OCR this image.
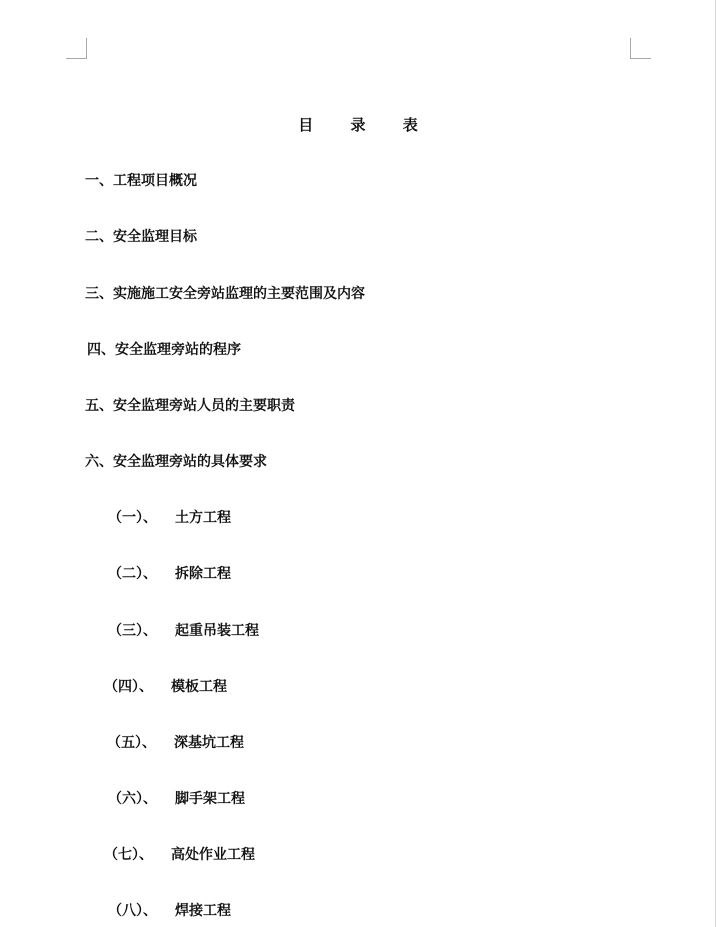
目 录 表
一、工程项目概况
二、安全监理目标
三、实施施工安全旁站监理的主要范围及内容
四、安全监理旁站的程序
五、安全监理旁站人员的主要职责
六、安全监理旁站的具体要求
（一）、 土方工程
（二）、 拆除工程
（三）、 起重吊装工程
（四）、 模板工程
（五）、 深基坑工程
（六）、 脚手架工程
（七）、 高处作业工程
（八）、 焊接工程
